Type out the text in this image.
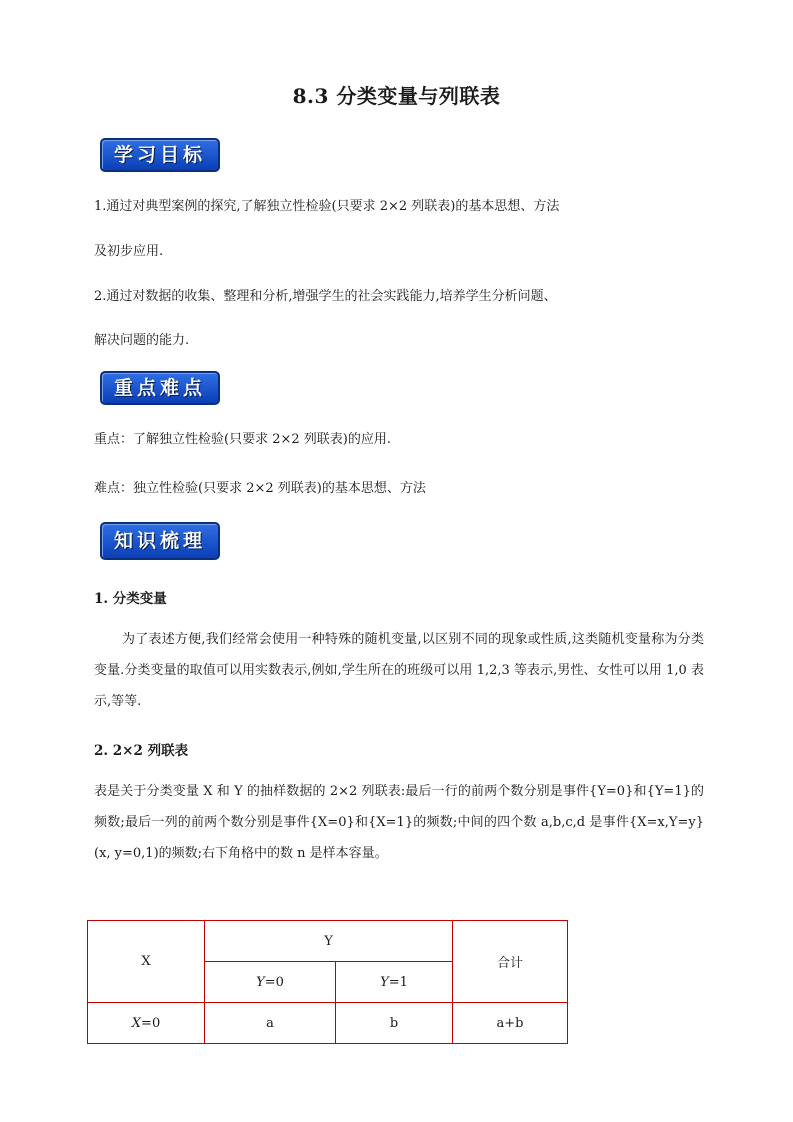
8.3 分类变量与列联表
学习目标
1.通过对典型案例的探究,了解独立性检验(只要求 2×2 列联表)的基本思想、方法
及初步应用.
2.通过对数据的收集、整理和分析,增强学生的社会实践能力,培养学生分析问题、
解决问题的能力.
重点难点
重点：了解独立性检验(只要求 2×2 列联表)的应用.
难点：独立性检验(只要求 2×2 列联表)的基本思想、方法
知识梳理
1. 分类变量
为了表述方便,我们经常会使用一种特殊的随机变量,以区别不同的现象或性质,这类随机变量称为分类变量.分类变量的取值可以用实数表示,例如,学生所在的班级可以用 1,2,3 等表示,男性、女性可以用 1,0 表示,等等.
2. 2×2 列联表
表是关于分类变量 X 和 Y 的抽样数据的 2×2 列联表:最后一行的前两个数分别是事件{Y=0}和{Y=1}的频数;最后一列的前两个数分别是事件{X=0}和{X=1}的频数;中间的四个数 a,b,c,d 是事件{X=x,Y=y}(x, y=0,1)的频数;右下角格中的数 n 是样本容量。
X	Y		合计
	Y=0	Y=1	
X=0	a	b	a+b
